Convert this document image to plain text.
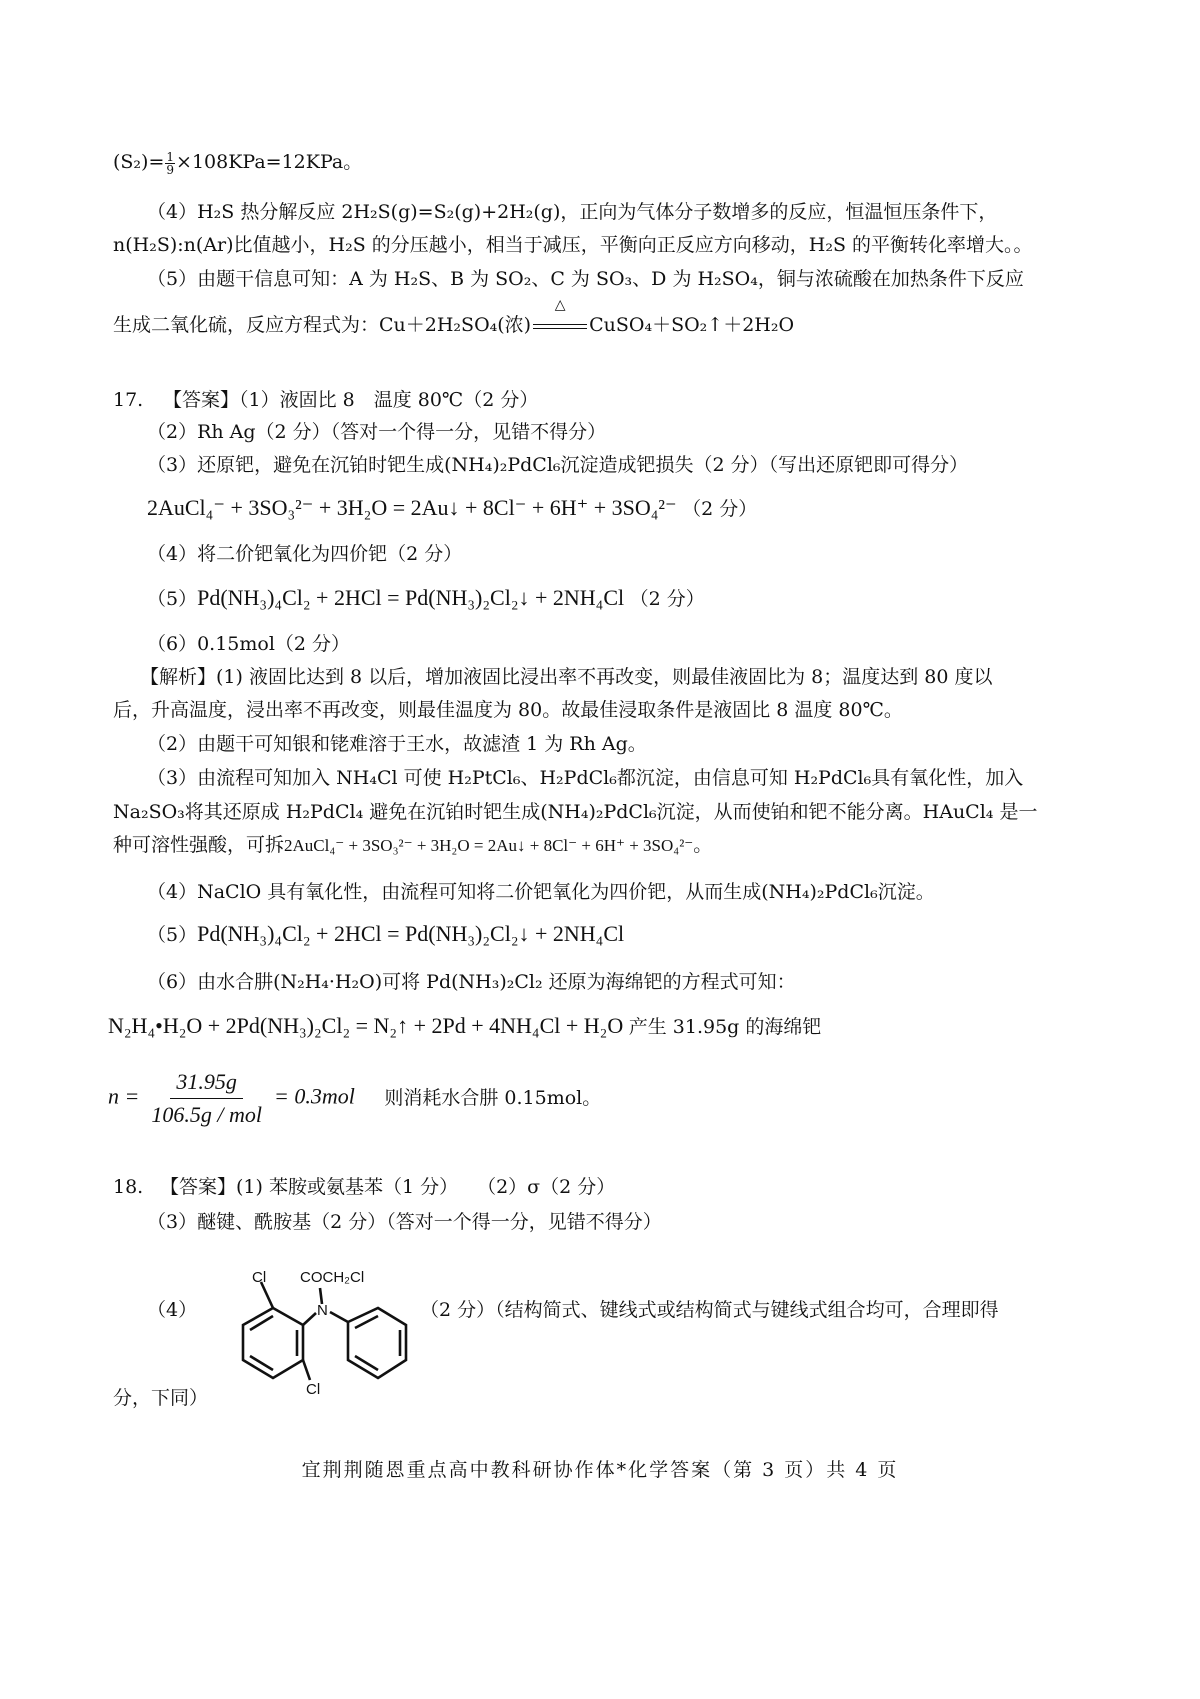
$(S_2)= \frac{1}{9} \times 108KPa=12KPa$。
（4）H₂S 热分解反应 2H₂S(g)=S₂(g)+2H₂(g)，正向为气体分子数增多的反应，恒温恒压条件下，
n(H₂S):n(Ar)比值越小，H₂S 的分压越小，相当于减压，平衡向正反应方向移动，H₂S 的平衡转化率增大。。
（5）由题干信息可知：A 为 H₂S、B 为 SO₂、C 为 SO₃、D 为 H₂SO₄，铜与浓硫酸在加热条件下反应
生成二氧化硫，反应方程式为：Cu＋2H₂SO₄(浓)
△
CuSO₄＋SO₂↑＋2H₂O
17. 【答案】（1）液固比 8　温度 80℃（2 分）
（2）Rh Ag（2 分）（答对一个得一分，见错不得分）
（3）还原钯，避免在沉铂时钯生成(NH₄)₂PdCl₆沉淀造成钯损失（2 分）（写出还原钯即可得分）
2AuCl₄⁻ + 3SO₃²⁻ + 3H₂O = 2Au↓ + 8Cl⁻ + 6H⁺ + 3SO₄²⁻ （2 分）
（4）将二价钯氧化为四价钯（2 分）
（5）Pd(NH₃)₄Cl₂ + 2HCl = Pd(NH₃)₂Cl₂↓ + 2NH₄Cl （2 分）
（6）0.15mol（2 分）
【解析】(1) 液固比达到 8 以后，增加液固比浸出率不再改变，则最佳液固比为 8；温度达到 80 度以
后，升高温度，浸出率不再改变，则最佳温度为 80。故最佳浸取条件是液固比 8 温度 80℃。
（2）由题干可知银和铑难溶于王水，故滤渣 1 为 Rh Ag。
（3）由流程可知加入 NH₄Cl 可使 H₂PtCl₆、H₂PdCl₆都沉淀，由信息可知 H₂PdCl₆具有氧化性，加入
Na₂SO₃将其还原成 H₂PdCl₄ 避免在沉铂时钯生成(NH₄)₂PdCl₆沉淀，从而使铂和钯不能分离。HAuCl₄ 是一
种可溶性强酸，可拆2AuCl₄⁻ + 3SO₃²⁻ + 3H₂O = 2Au↓ + 8Cl⁻ + 6H⁺ + 3SO₄²⁻。
（4）NaClO 具有氧化性，由流程可知将二价钯氧化为四价钯，从而生成(NH₄)₂PdCl₆沉淀。
（5）Pd(NH₃)₄Cl₂ + 2HCl = Pd(NH₃)₂Cl₂↓ + 2NH₄Cl
（6）由水合肼(N₂H₄·H₂O)可将 Pd(NH₃)₂Cl₂ 还原为海绵钯的方程式可知：
N₂H₄•H₂O + 2Pd(NH₃)₂Cl₂ = N₂↑ + 2Pd + 4NH₄Cl + H₂O 产生 31.95g 的海绵钯
$n = \frac{31.95g}{\text{106.5g / mol}} = 0.3mol$ 则消耗水合肼 0.15mol。
18. 【答案】(1) 苯胺或氨基苯（1 分）　　（2）σ（2 分）
（3）醚键、酰胺基（2 分）（答对一个得一分，见错不得分）
（4）
Cl COCH₂Cl
N
Cl
（2 分）（结构简式、键线式或结构简式与键线式组合均可，合理即得
分，下同）
宜荆荆随恩重点高中教科研协作体*化学答案（第 3 页）共 4 页
